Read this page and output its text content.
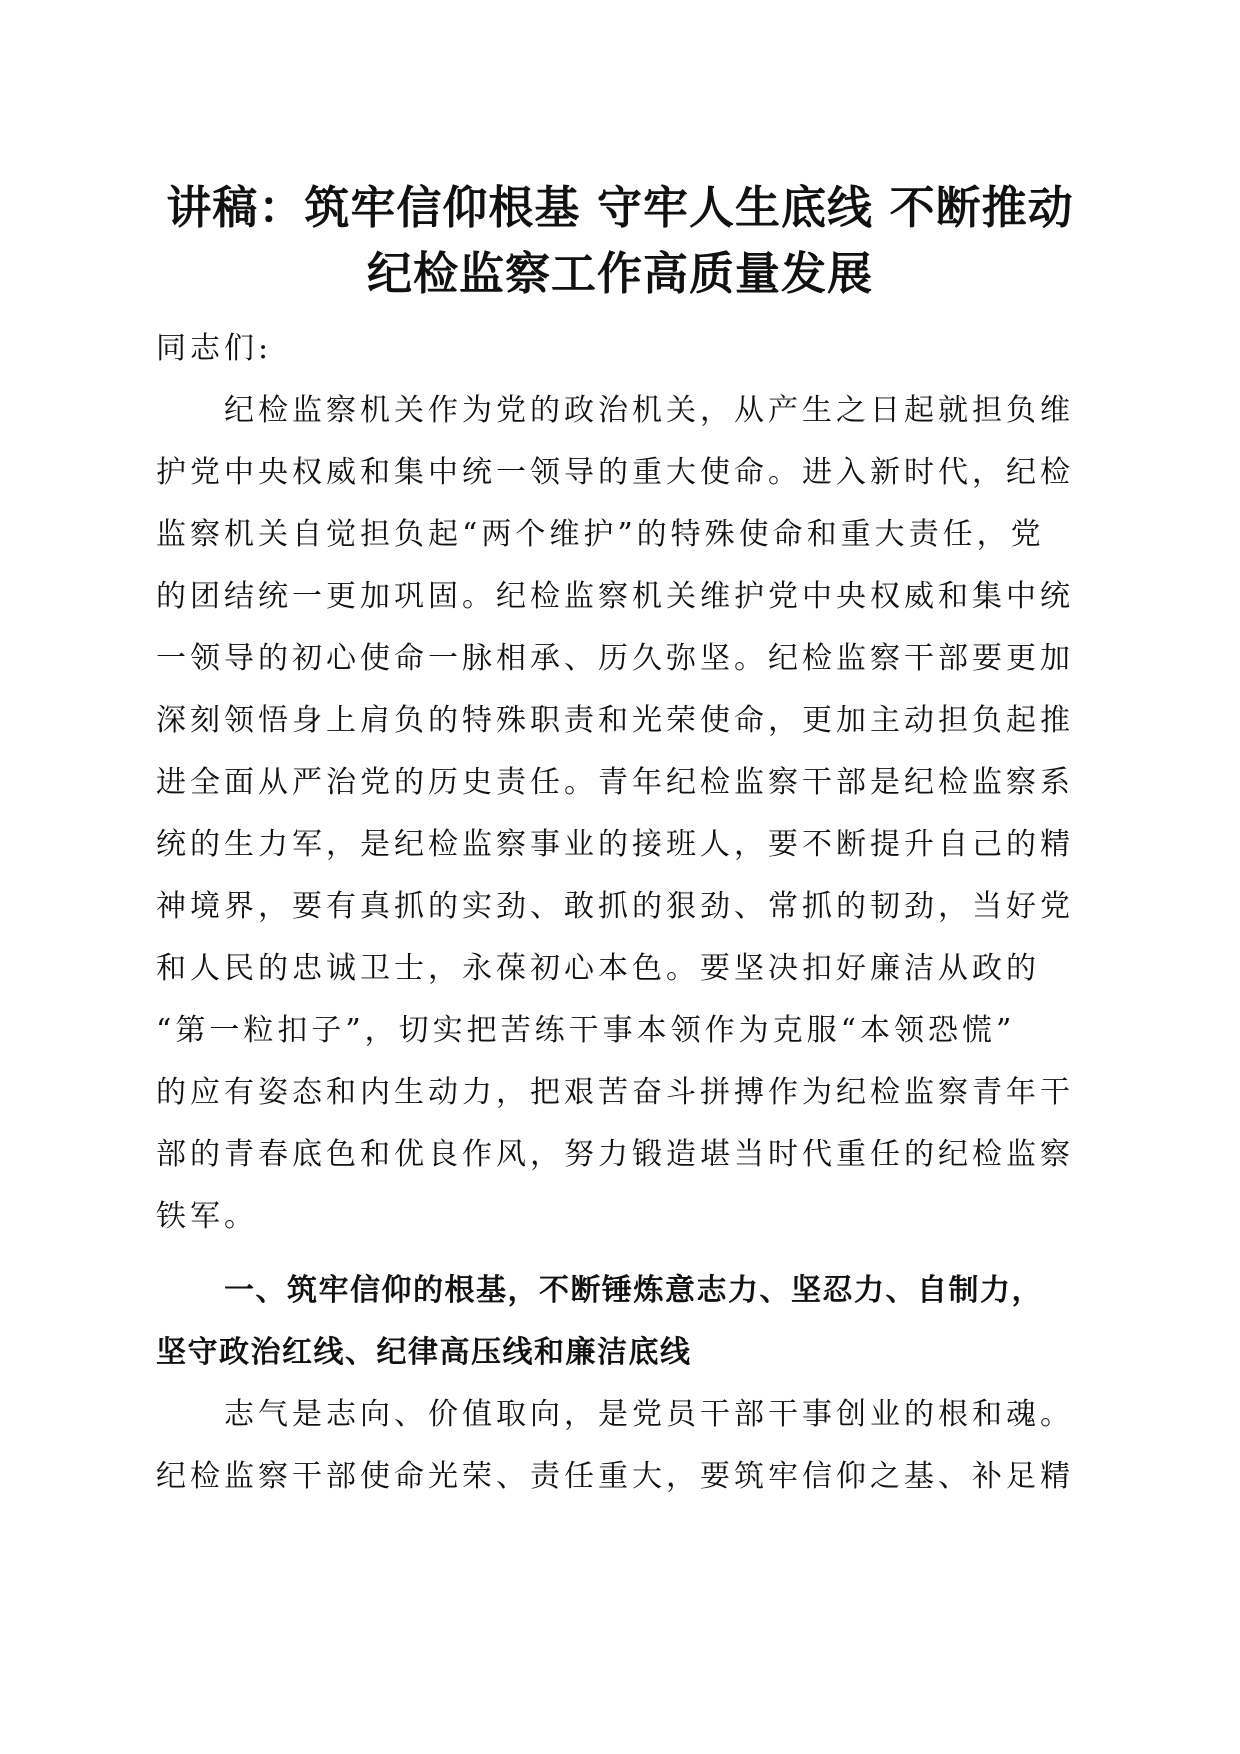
讲稿：筑牢信仰根基 守牢人生底线 不断推动
纪检监察工作高质量发展
同志们:
纪检监察机关作为党的政治机关，从产生之日起就担负维
护党中央权威和集中统一领导的重大使命。进入新时代，纪检
监察机关自觉担负起“两个维护”的特殊使命和重大责任，党
的团结统一更加巩固。纪检监察机关维护党中央权威和集中统
一领导的初心使命一脉相承、历久弥坚。纪检监察干部要更加
深刻领悟身上肩负的特殊职责和光荣使命，更加主动担负起推
进全面从严治党的历史责任。青年纪检监察干部是纪检监察系
统的生力军，是纪检监察事业的接班人，要不断提升自己的精
神境界，要有真抓的实劲、敢抓的狠劲、常抓的韧劲，当好党
和人民的忠诚卫士，永葆初心本色。要坚决扣好廉洁从政的
“第一粒扣子”，切实把苦练干事本领作为克服“本领恐慌”
的应有姿态和内生动力，把艰苦奋斗拼搏作为纪检监察青年干
部的青春底色和优良作风，努力锻造堪当时代重任的纪检监察
铁军。
一、筑牢信仰的根基，不断锤炼意志力、坚忍力、自制力，
坚守政治红线、纪律高压线和廉洁底线
志气是志向、价值取向，是党员干部干事创业的根和魂。
纪检监察干部使命光荣、责任重大，要筑牢信仰之基、补足精
